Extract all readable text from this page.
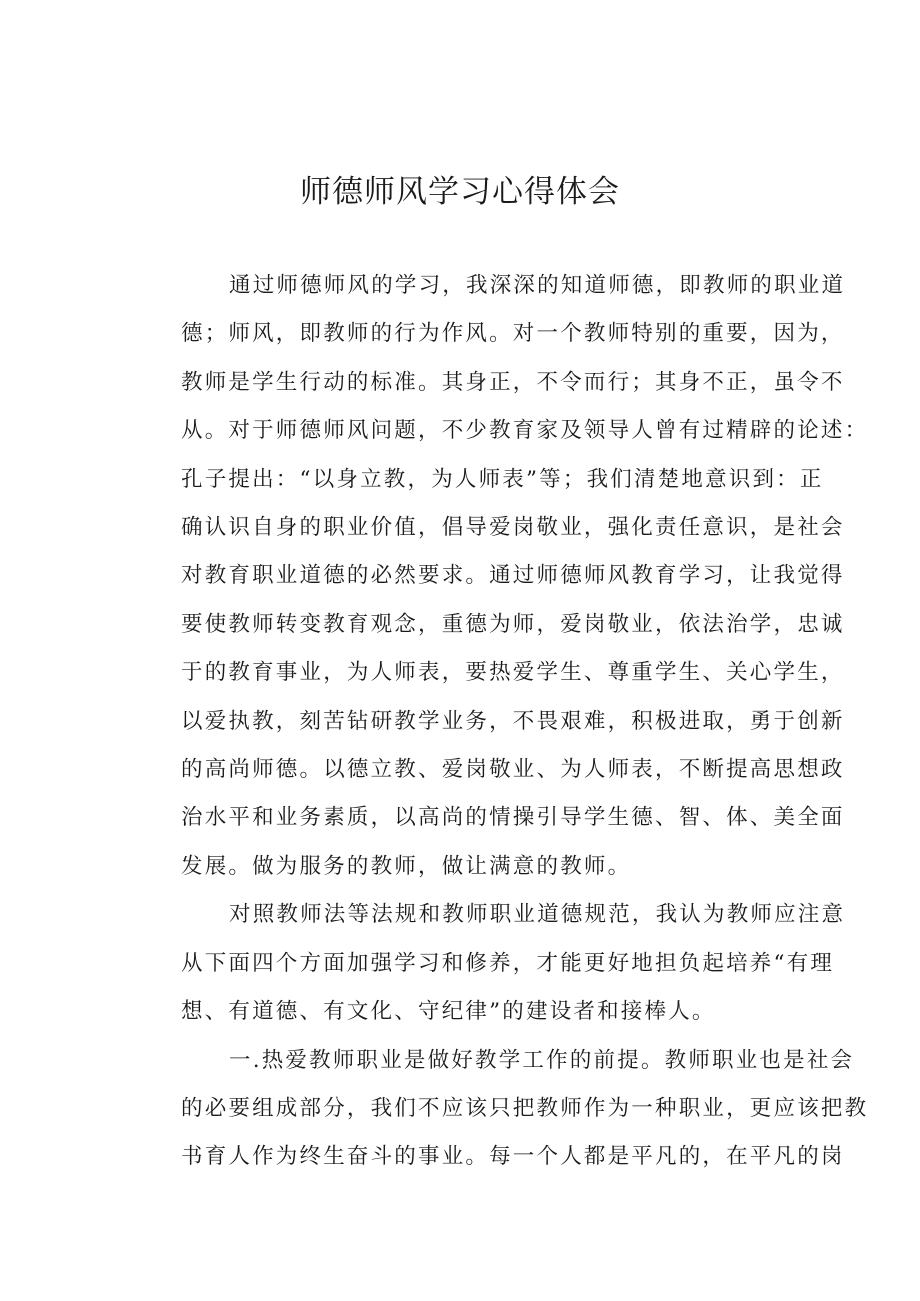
师德师风学习心得体会
通过师德师风的学习，我深深的知道师德，即教师的职业道
德；师风，即教师的行为作风。对一个教师特别的重要，因为，
教师是学生行动的标准。其身正，不令而行；其身不正，虽令不
从。对于师德师风问题，不少教育家及领导人曾有过精辟的论述：
孔子提出：“以身立教，为人师表”等；我们清楚地意识到：正
确认识自身的职业价值，倡导爱岗敬业，强化责任意识，是社会
对教育职业道德的必然要求。通过师德师风教育学习，让我觉得
要使教师转变教育观念，重德为师，爱岗敬业，依法治学，忠诚
于的教育事业，为人师表，要热爱学生、尊重学生、关心学生，
以爱执教，刻苦钻研教学业务，不畏艰难，积极进取，勇于创新
的高尚师德。以德立教、爱岗敬业、为人师表，不断提高思想政
治水平和业务素质，以高尚的情操引导学生德、智、体、美全面
发展。做为服务的教师，做让满意的教师。
对照教师法等法规和教师职业道德规范，我认为教师应注意
从下面四个方面加强学习和修养，才能更好地担负起培养“有理
想、有道德、有文化、守纪律”的建设者和接棒人。
一.热爱教师职业是做好教学工作的前提。教师职业也是社会
的必要组成部分，我们不应该只把教师作为一种职业，更应该把教
书育人作为终生奋斗的事业。每一个人都是平凡的，在平凡的岗
